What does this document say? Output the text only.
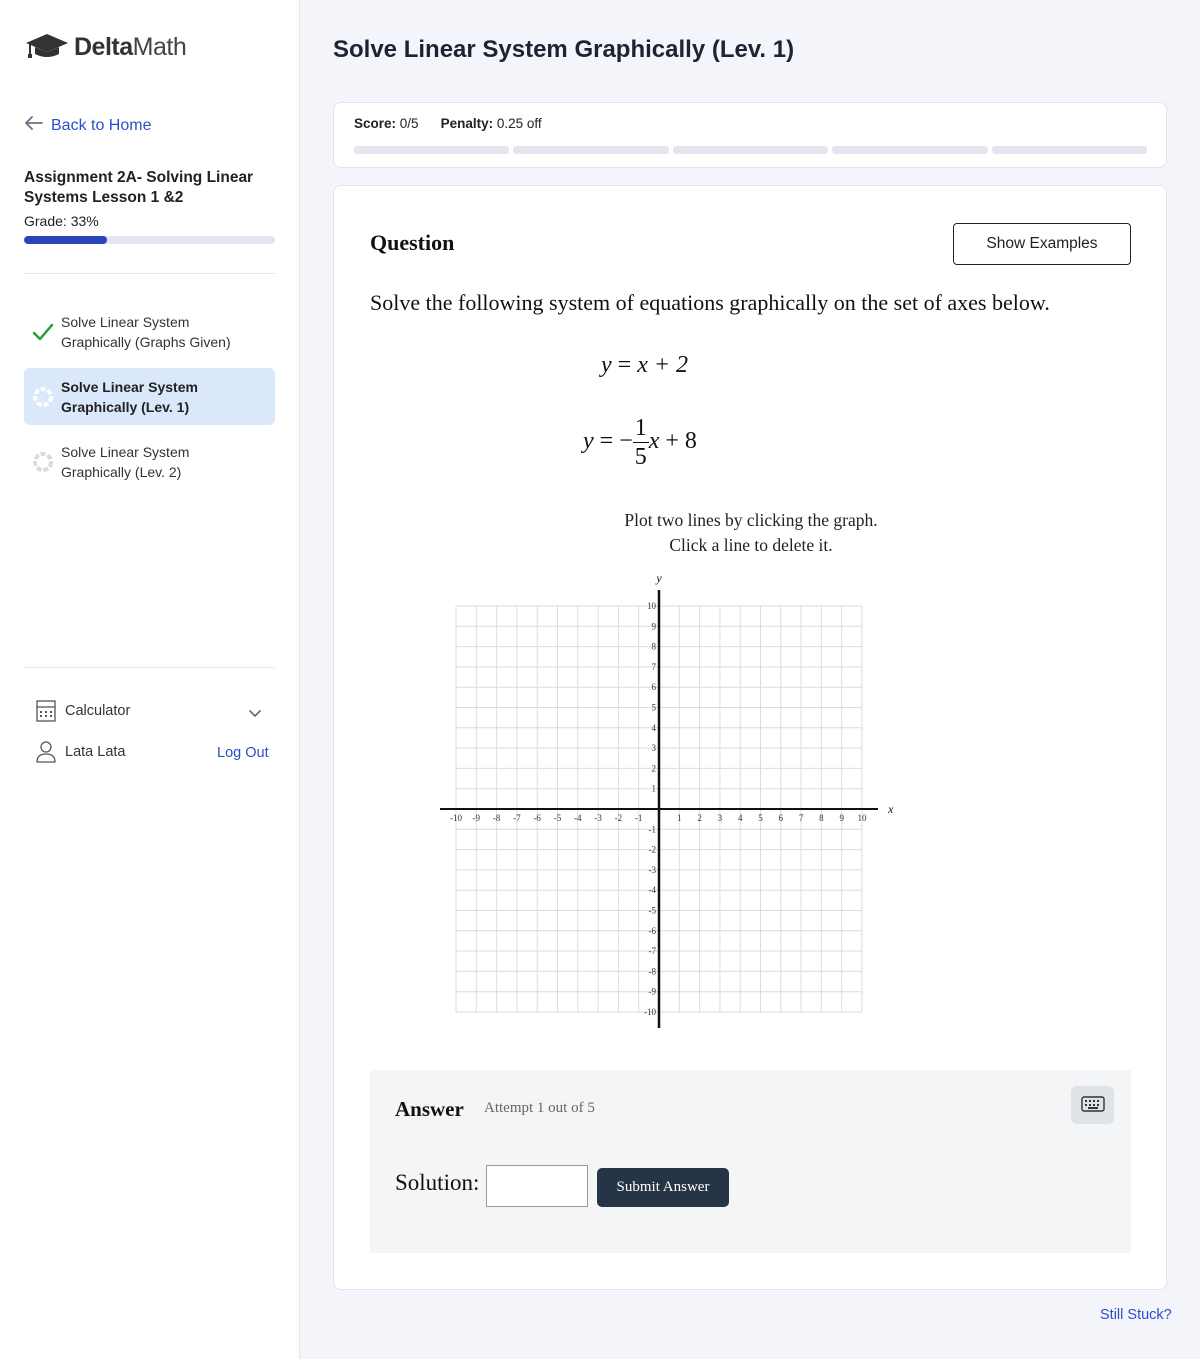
DeltaMath
Back to Home
Assignment 2A- Solving Linear Systems Lesson 1 &2
Grade: 33%
Solve Linear System Graphically (Graphs Given)
Solve Linear System Graphically (Lev. 1)
Solve Linear System Graphically (Lev. 2)
Calculator
Lata Lata	Log Out
Solve Linear System Graphically (Lev. 1)
Score: 0/5 Penalty: 0.25 off
Question	Show Examples

Solve the following system of equations graphically on the set of axes below.

y = x + 2
y = − $\frac{1}{5}$ x + 8
Plot two lines by clicking the graph.
Click a line to delete it.
x
y
-10 -9 -8 -7 -6 -5 -4 -3 -2 -1	1 2 3 4 5 6 7 8 9 10
-10
-9
-8
-7
-6
-5
-4
-3
-2
-1
1
2
3
4
5
6
7
8
9
10
Answer Attempt 1 out of 5
Solution:	Submit Answer
Still Stuck?
